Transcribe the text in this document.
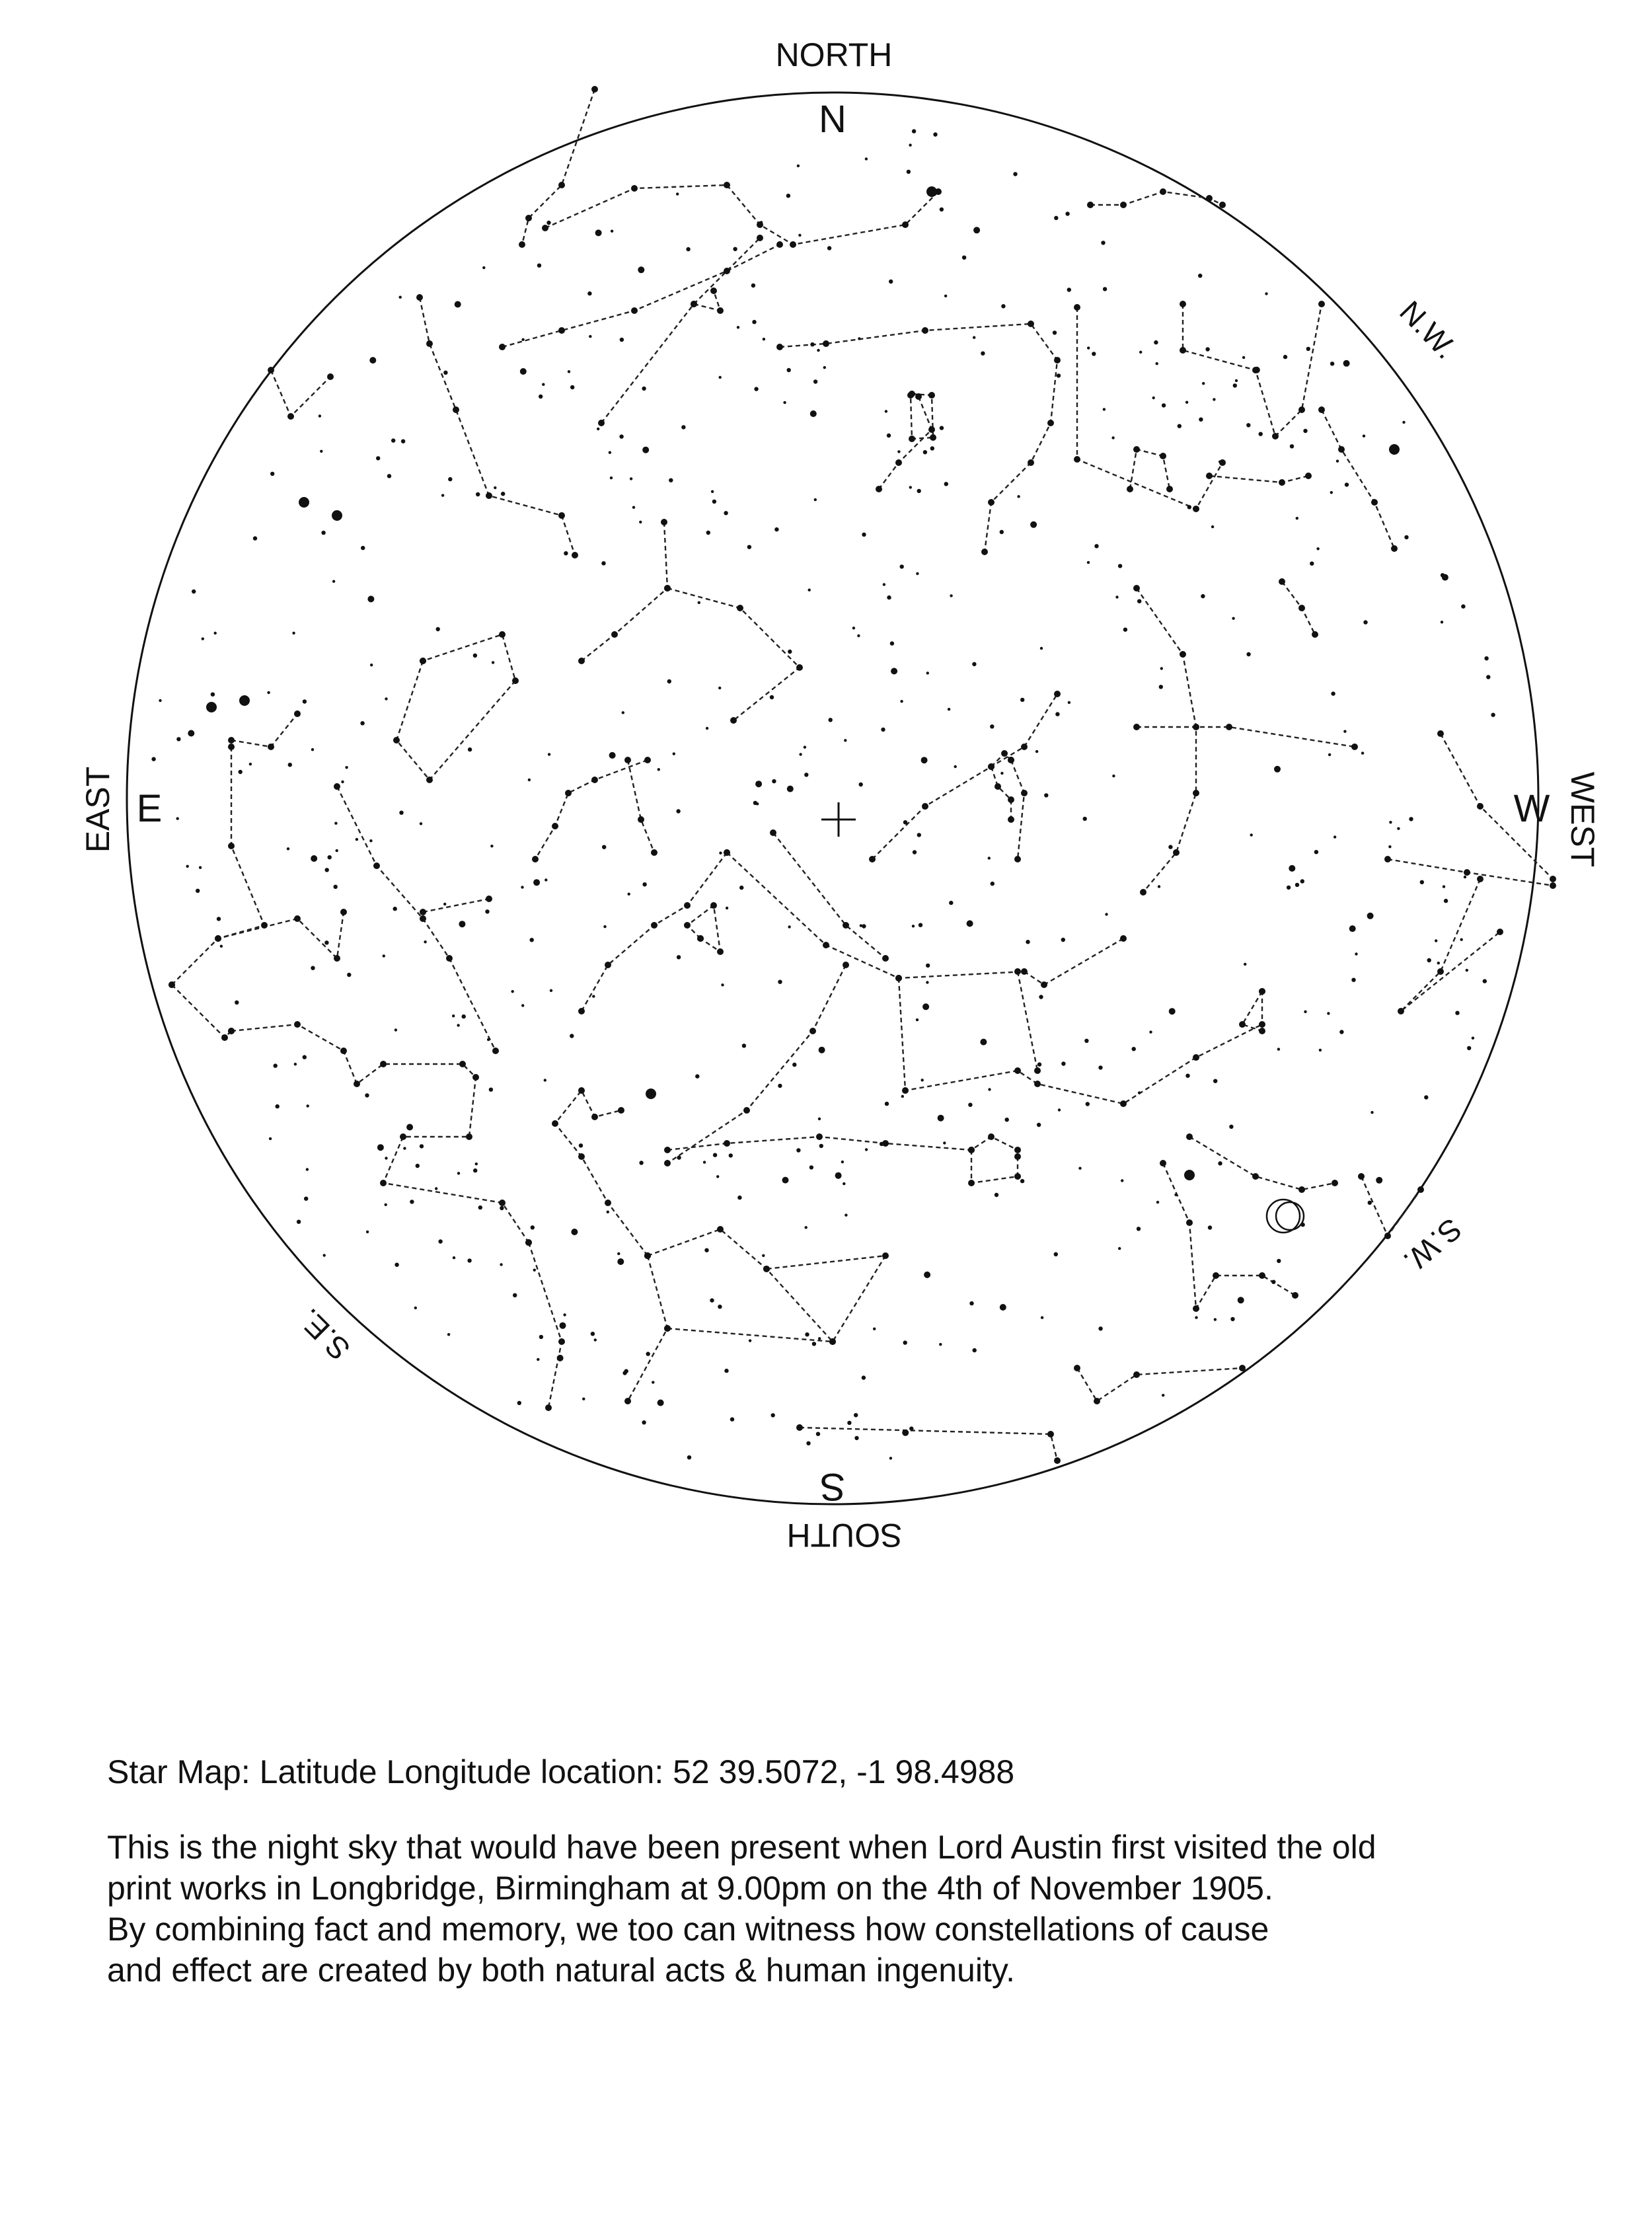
NORTH
N
S
SOUTH
E
EAST	W WEST
N.W.
S.W.
S.E.
Star Map: Latitude Longitude location: 52 39.5072, -1 98.4988

This is the night sky that would have been present when Lord Austin first visited the old

print works in Longbridge, Birmingham at 9.00pm on the 4th of November 1905.

By combining fact and memory, we too can witness how constellations of cause

and effect are created by both natural acts & human ingenuity.
